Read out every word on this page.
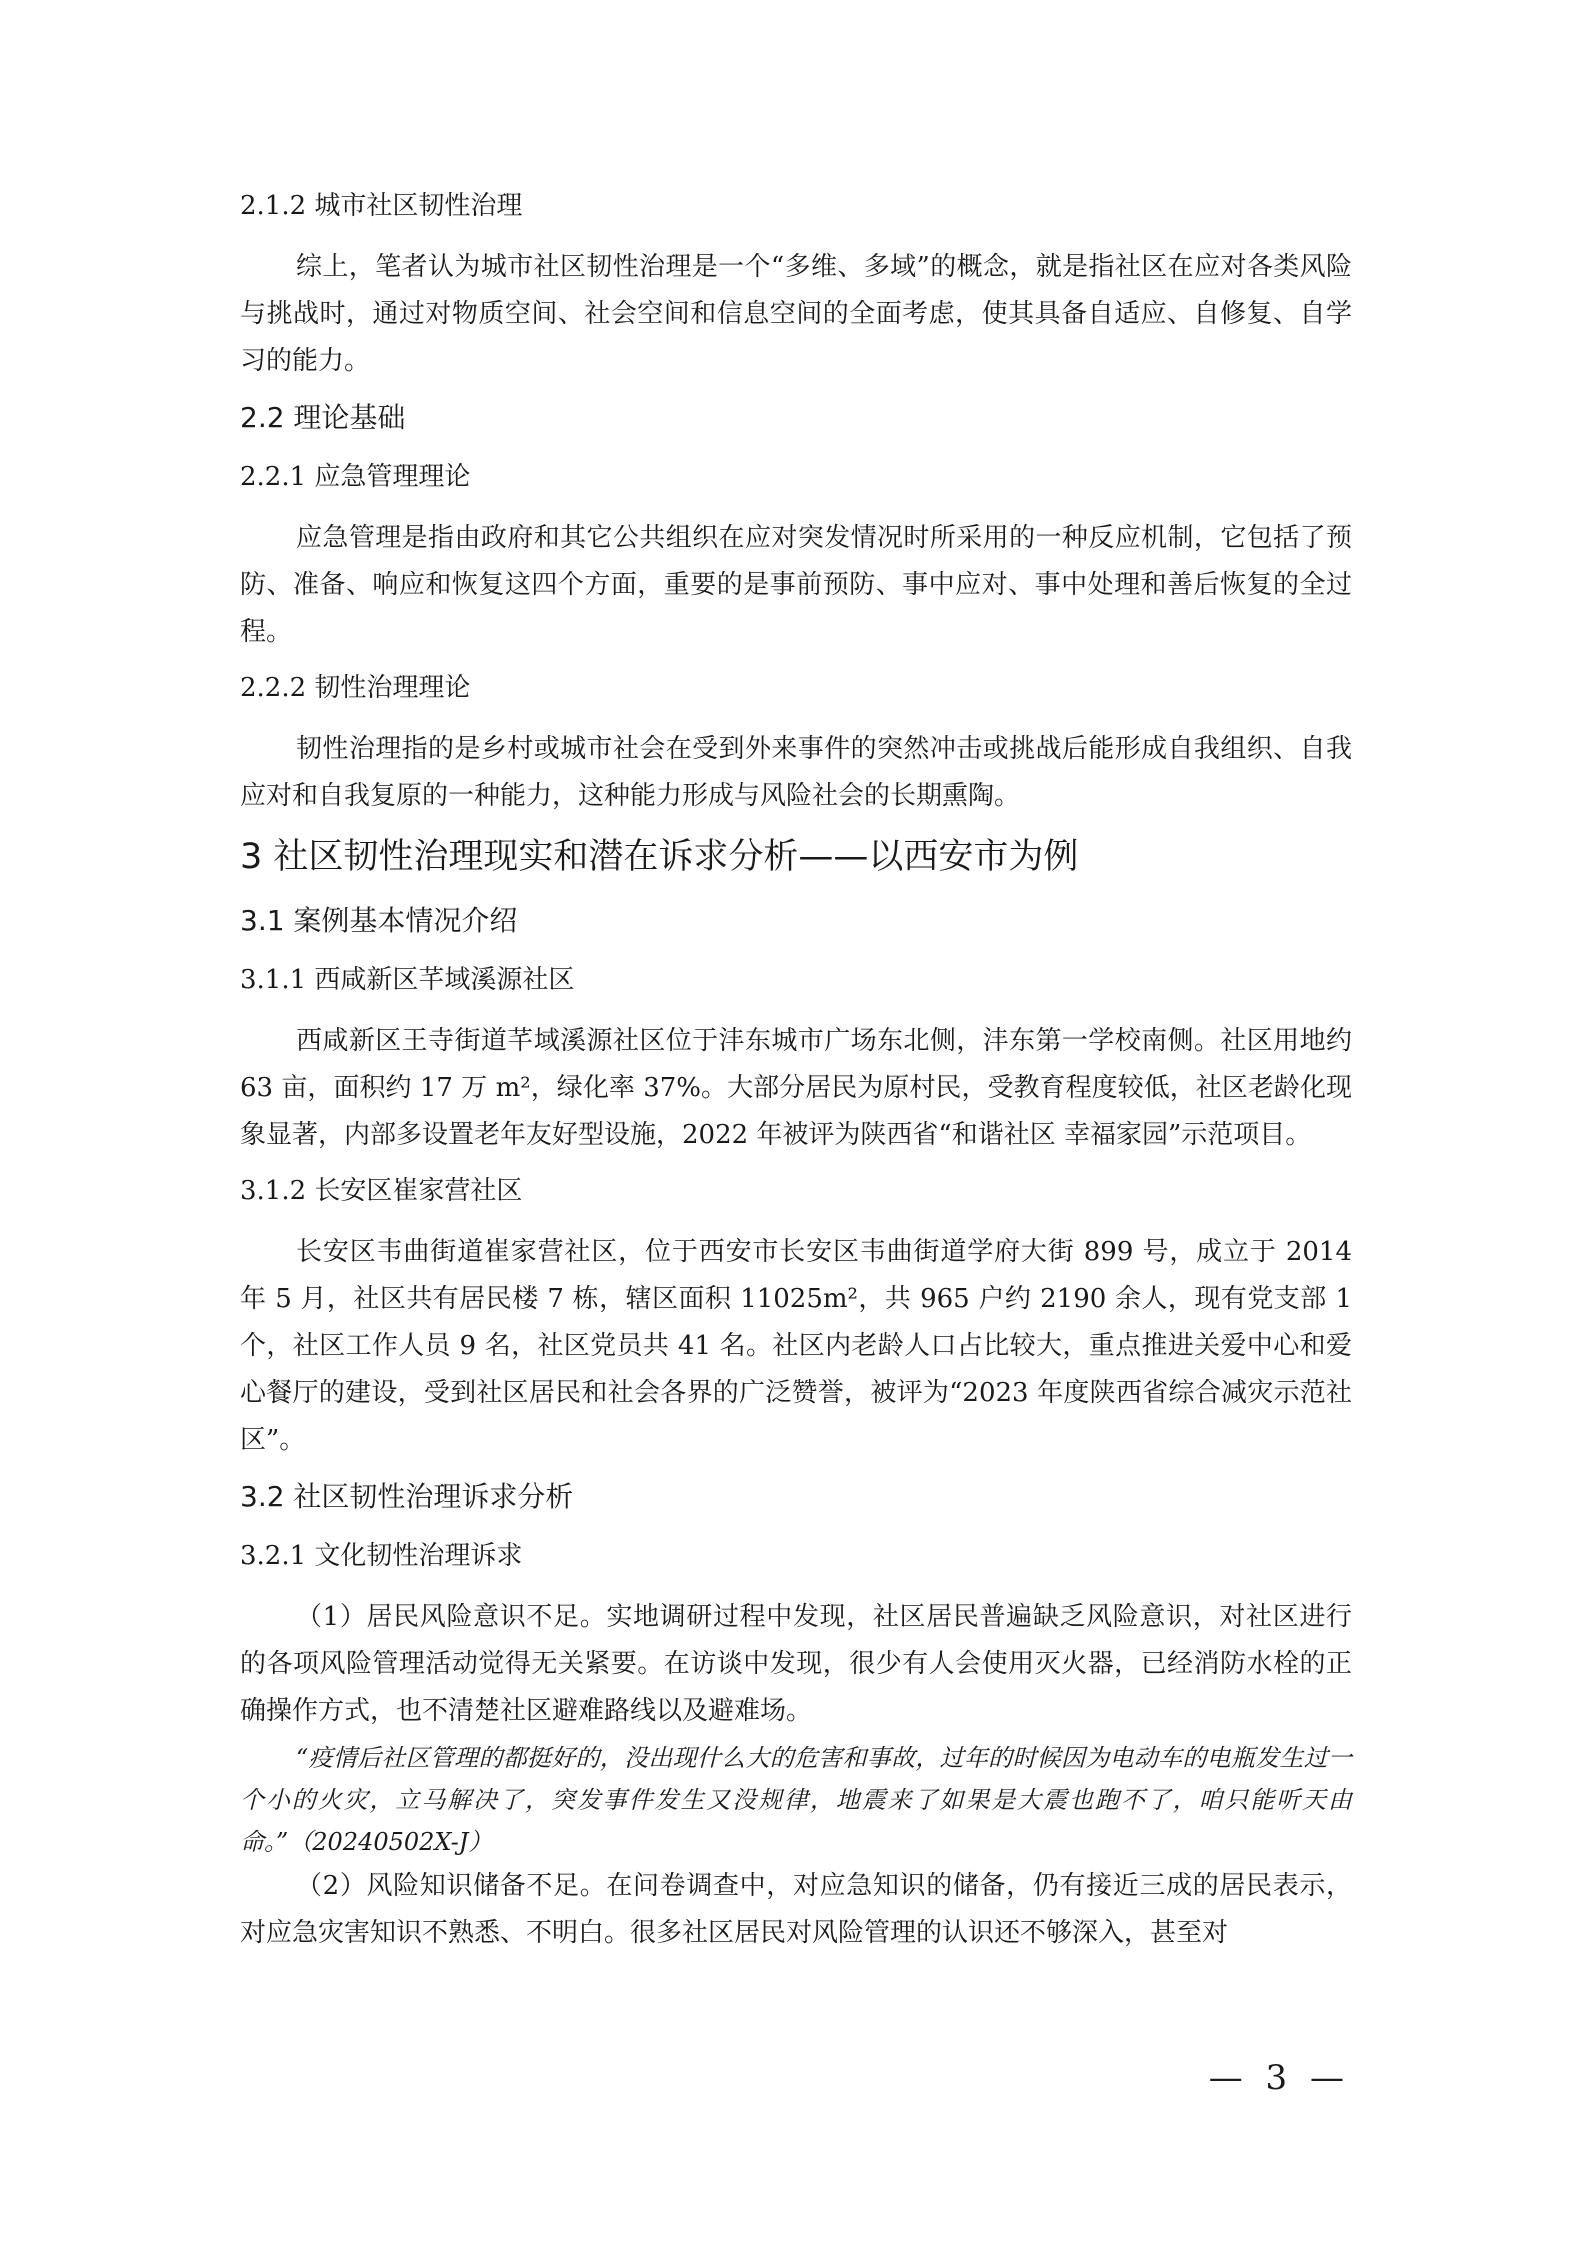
2.1.2 城市社区韧性治理

综上，笔者认为城市社区韧性治理是一个“多维、多域”的概念，就是指社区在应对各类风险与挑战时，通过对物质空间、社会空间和信息空间的全面考虑，使其具备自适应、自修复、自学习的能力。

2.2 理论基础
2.2.1 应急管理理论

应急管理是指由政府和其它公共组织在应对突发情况时所采用的一种反应机制，它包括了预防、准备、响应和恢复这四个方面，重要的是事前预防、事中应对、事中处理和善后恢复的全过程。

2.2.2 韧性治理理论

韧性治理指的是乡村或城市社会在受到外来事件的突然冲击或挑战后能形成自我组织、自我应对和自我复原的一种能力，这种能力形成与风险社会的长期熏陶。

3 社区韧性治理现实和潜在诉求分析——以西安市为例
3.1 案例基本情况介绍
3.1.1 西咸新区芊域溪源社区

西咸新区王寺街道芊域溪源社区位于沣东城市广场东北侧，沣东第一学校南侧。社区用地约 63 亩，面积约 17 万 m²，绿化率 37%。大部分居民为原村民，受教育程度较低，社区老龄化现象显著，内部多设置老年友好型设施，2022 年被评为陕西省“和谐社区 幸福家园”示范项目。

3.1.2 长安区崔家营社区

长安区韦曲街道崔家营社区，位于西安市长安区韦曲街道学府大街 899 号，成立于 2014 年 5 月，社区共有居民楼 7 栋，辖区面积 11025m²，共 965 户约 2190 余人，现有党支部 1 个，社区工作人员 9 名，社区党员共 41 名。社区内老龄人口占比较大，重点推进关爱中心和爱心餐厅的建设，受到社区居民和社会各界的广泛赞誉，被评为“2023 年度陕西省综合减灾示范社区”。

3.2 社区韧性治理诉求分析
3.2.1 文化韧性治理诉求

（1）居民风险意识不足。实地调研过程中发现，社区居民普遍缺乏风险意识，对社区进行的各项风险管理活动觉得无关紧要。在访谈中发现，很少有人会使用灭火器，已经消防水栓的正确操作方式，也不清楚社区避难路线以及避难场。

“疫情后社区管理的都挺好的，没出现什么大的危害和事故，过年的时候因为电动车的电瓶发生过一个小的火灾，立马解决了，突发事件发生又没规律，地震来了如果是大震也跑不了，咱只能听天由命。”（20240502X-J）

（2）风险知识储备不足。在问卷调查中，对应急知识的储备，仍有接近三成的居民表示，对应急灾害知识不熟悉、不明白。很多社区居民对风险管理的认识还不够深入，甚至对

— 3 —
